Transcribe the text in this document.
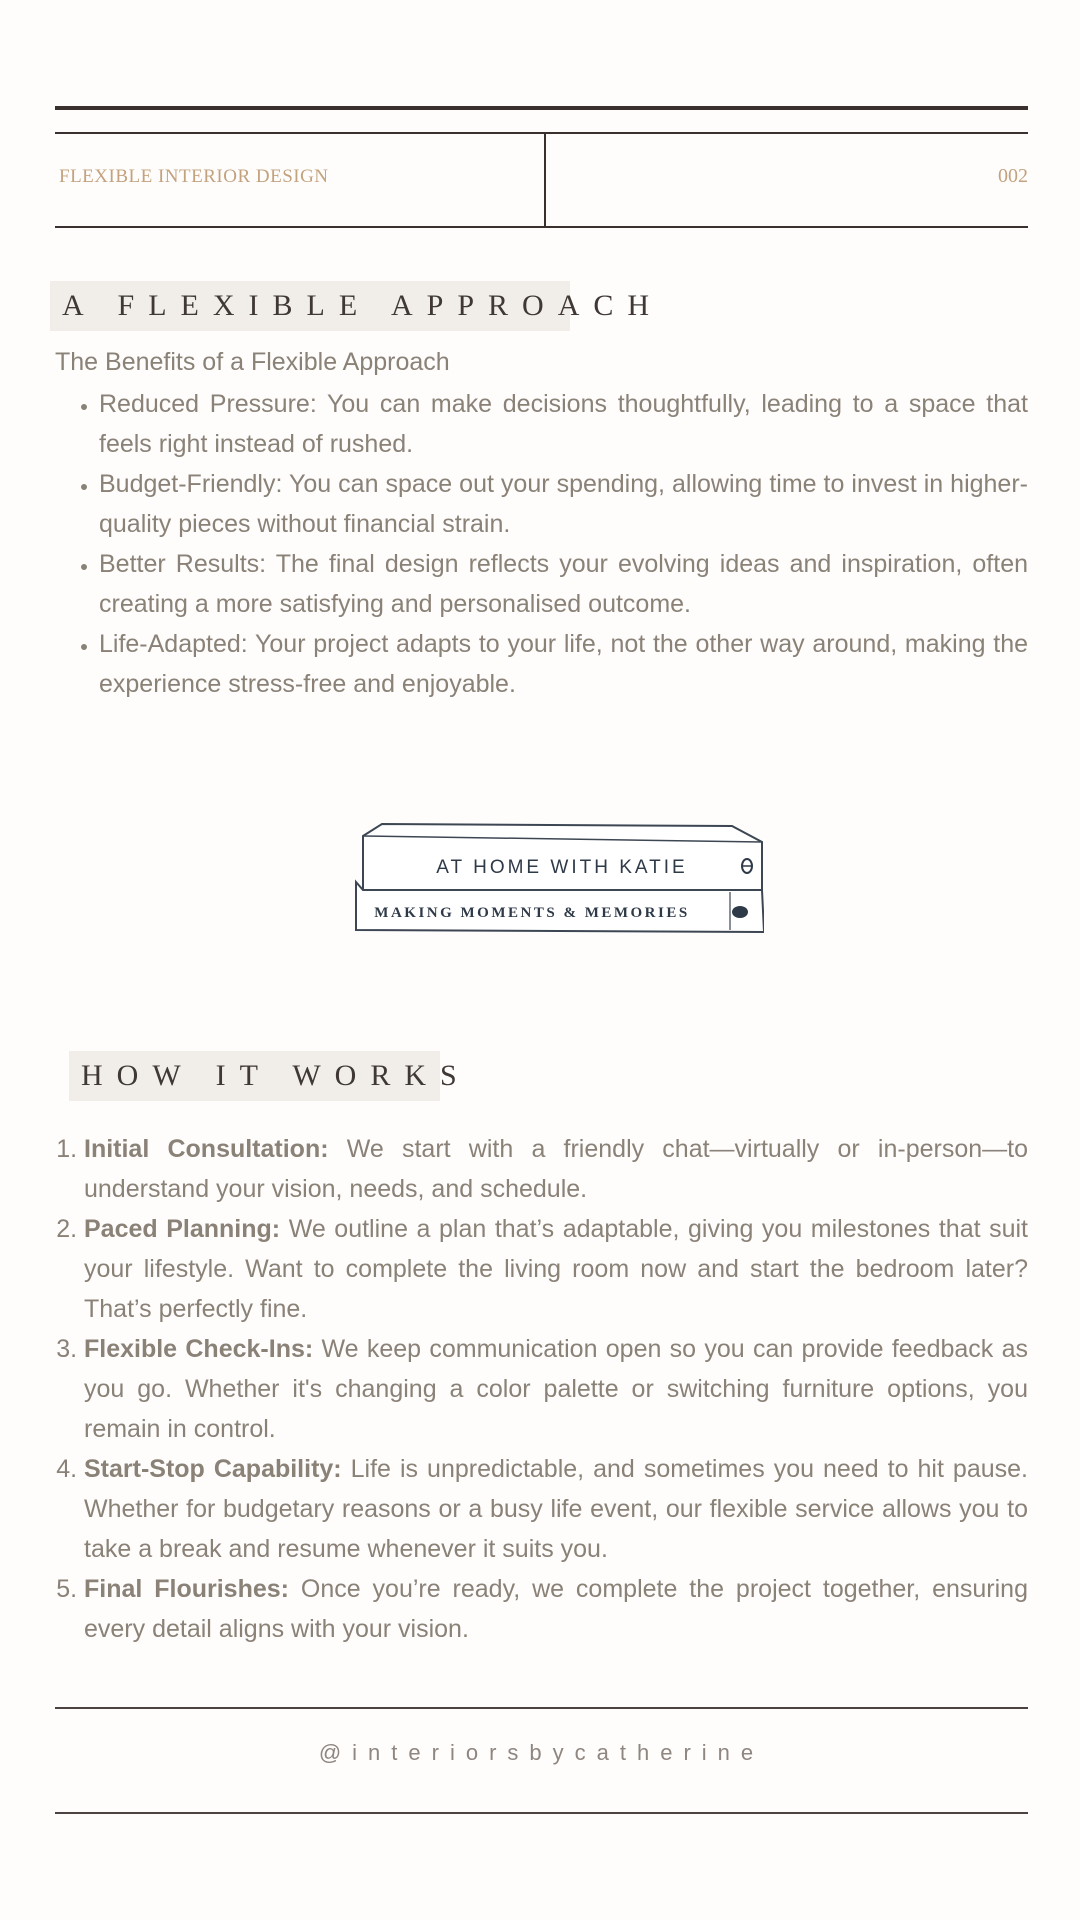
FLEXIBLE INTERIOR DESIGN	002
A FLEXIBLE APPROACH
The Benefits of a Flexible Approach
• Reduced Pressure: You can make decisions thoughtfully, leading to a space that feels right instead of rushed.
• Budget-Friendly: You can space out your spending, allowing time to invest in higher-quality pieces without financial strain.
• Better Results: The final design reflects your evolving ideas and inspiration, often creating a more satisfying and personalised outcome.
• Life-Adapted: Your project adapts to your life, not the other way around, making the experience stress-free and enjoyable.
AT HOME WITH KATIE
MAKING MOMENTS & MEMORIES
HOW IT WORKS
1. Initial Consultation: We start with a friendly chat—virtually or in-person—to understand your vision, needs, and schedule.
2. Paced Planning: We outline a plan that’s adaptable, giving you milestones that suit your lifestyle. Want to complete the living room now and start the bedroom later? That’s perfectly fine.
3. Flexible Check-Ins: We keep communication open so you can provide feedback as you go. Whether it's changing a color palette or switching furniture options, you remain in control.
4. Start-Stop Capability: Life is unpredictable, and sometimes you need to hit pause. Whether for budgetary reasons or a busy life event, our flexible service allows you to take a break and resume whenever it suits you.
5. Final Flourishes: Once you’re ready, we complete the project together, ensuring every detail aligns with your vision.
@interiorsbycatherine
